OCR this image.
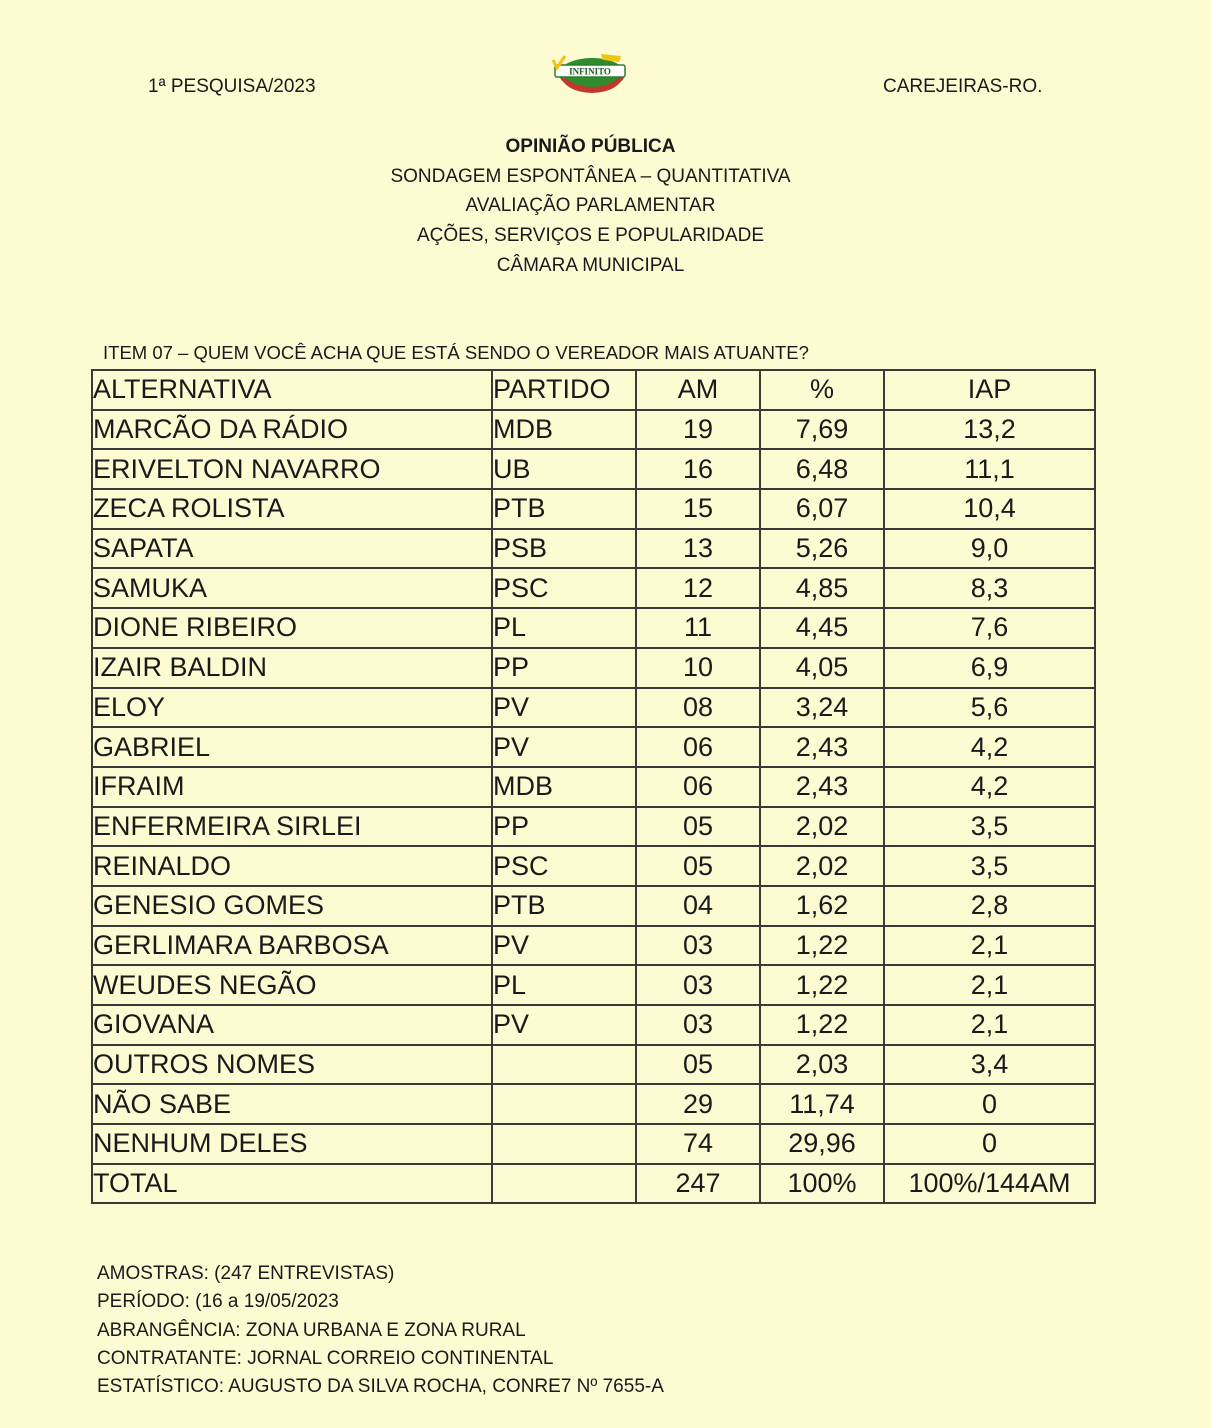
1ª PESQUISA/2023
INFINITO
CAREJEIRAS-RO.
OPINIÃO PÚBLICA
SONDAGEM ESPONTÂNEA – QUANTITATIVA
AVALIAÇÃO PARLAMENTAR
AÇÕES, SERVIÇOS E POPULARIDADE
CÂMARA MUNICIPAL
ITEM 07 – QUEM VOCÊ ACHA QUE ESTÁ SENDO O VEREADOR MAIS ATUANTE?
ALTERNATIVA	PARTIDO	AM	%	IAP
MARCÃO DA RÁDIO	MDB	19	7,69	13,2
ERIVELTON NAVARRO	UB	16	6,48	11,1
ZECA ROLISTA	PTB	15	6,07	10,4
SAPATA	PSB	13	5,26	9,0
SAMUKA	PSC	12	4,85	8,3
DIONE RIBEIRO	PL	11	4,45	7,6
IZAIR BALDIN	PP	10	4,05	6,9
ELOY	PV	08	3,24	5,6
GABRIEL	PV	06	2,43	4,2
IFRAIM	MDB	06	2,43	4,2
ENFERMEIRA SIRLEI	PP	05	2,02	3,5
REINALDO	PSC	05	2,02	3,5
GENESIO GOMES	PTB	04	1,62	2,8
GERLIMARA BARBOSA	PV	03	1,22	2,1
WEUDES NEGÃO	PL	03	1,22	2,1
GIOVANA	PV	03	1,22	2,1
OUTROS NOMES		05	2,03	3,4
NÃO SABE		29	11,74	0
NENHUM DELES		74	29,96	0
TOTAL		247	100%	100%/144AM
AMOSTRAS: (247 ENTREVISTAS)
PERÍODO: (16 a 19/05/2023
ABRANGÊNCIA: ZONA URBANA E ZONA RURAL
CONTRATANTE: JORNAL CORREIO CONTINENTAL
ESTATÍSTICO: AUGUSTO DA SILVA ROCHA, CONRE7 Nº 7655-A
